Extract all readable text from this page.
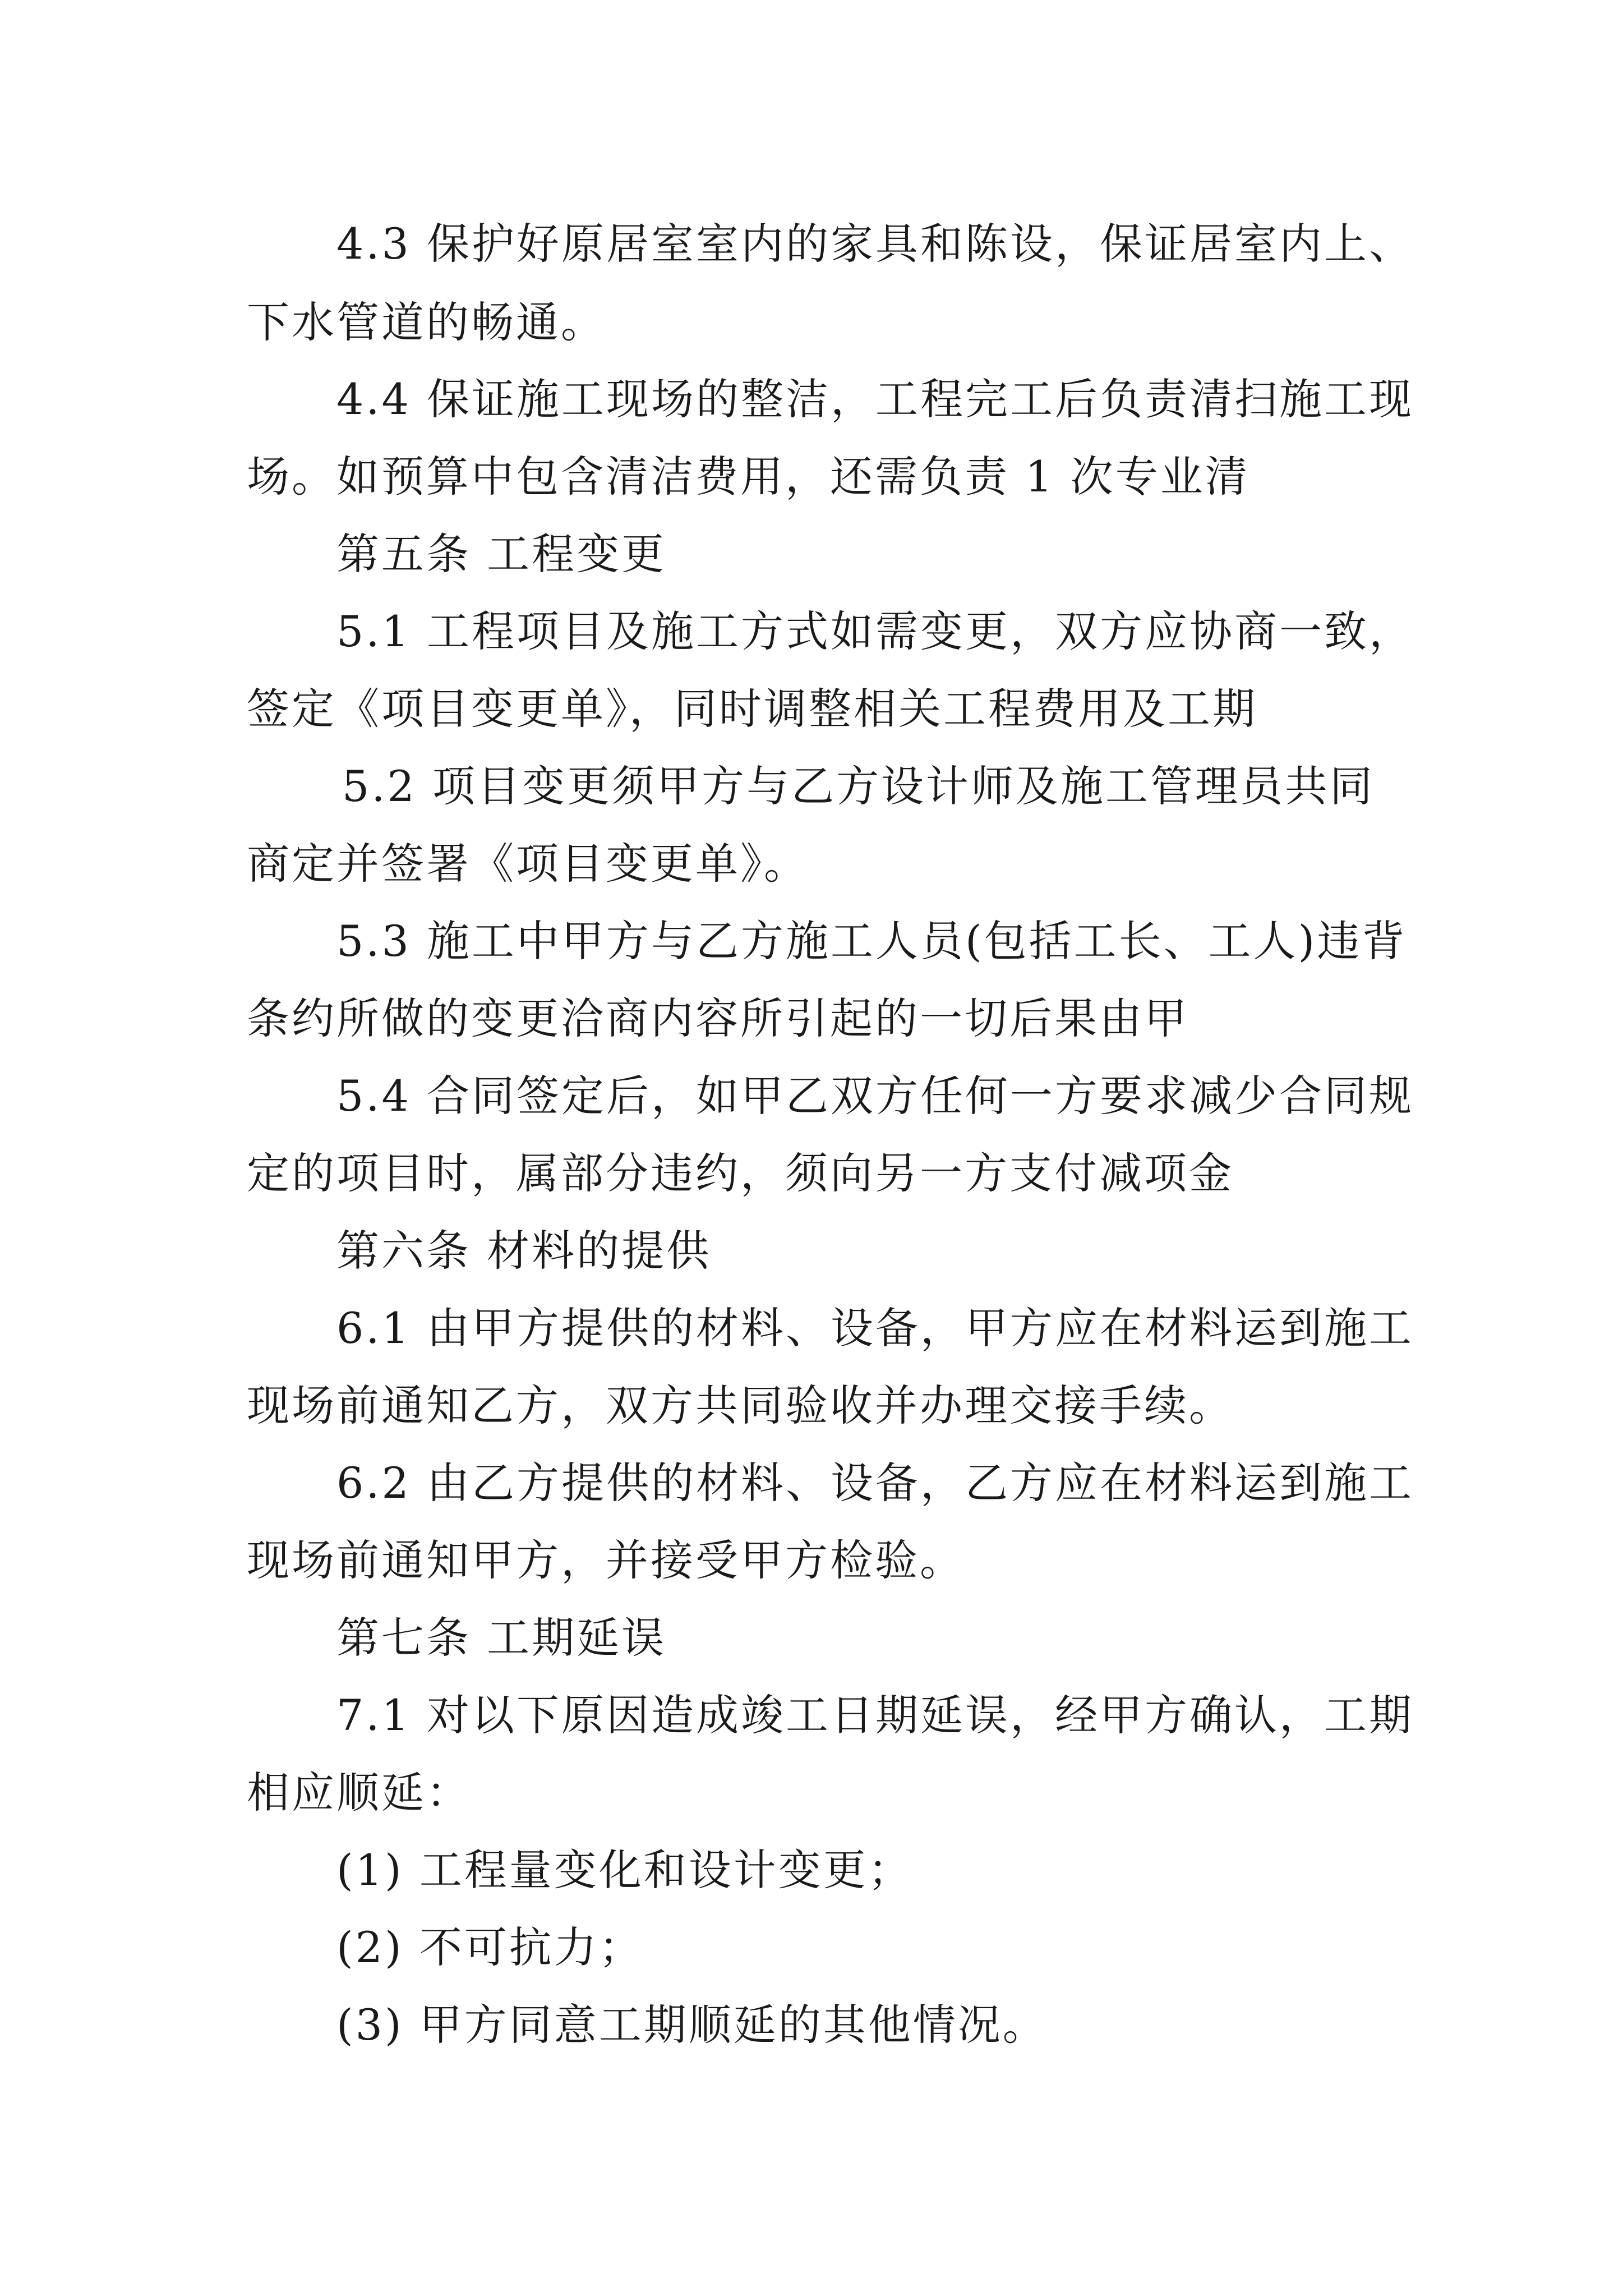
4.3 保护好原居室室内的家具和陈设，保证居室内上、
下水管道的畅通。
4.4 保证施工现场的整洁，工程完工后负责清扫施工现
场。如预算中包含清洁费用，还需负责 1 次专业清
第五条 工程变更
5.1 工程项目及施工方式如需变更，双方应协商一致，
签定《项目变更单》，同时调整相关工程费用及工期
5.2 项目变更须甲方与乙方设计师及施工管理员共同
商定并签署《项目变更单》。
5.3 施工中甲方与乙方施工人员(包括工长、工人)违背
条约所做的变更洽商内容所引起的一切后果由甲
5.4 合同签定后，如甲乙双方任何一方要求减少合同规
定的项目时，属部分违约，须向另一方支付减项金
第六条 材料的提供
6.1 由甲方提供的材料、设备，甲方应在材料运到施工
现场前通知乙方，双方共同验收并办理交接手续。
6.2 由乙方提供的材料、设备，乙方应在材料运到施工
现场前通知甲方，并接受甲方检验。
第七条 工期延误
7.1 对以下原因造成竣工日期延误，经甲方确认，工期
相应顺延：
(1) 工程量变化和设计变更；
(2) 不可抗力；
(3) 甲方同意工期顺延的其他情况。
